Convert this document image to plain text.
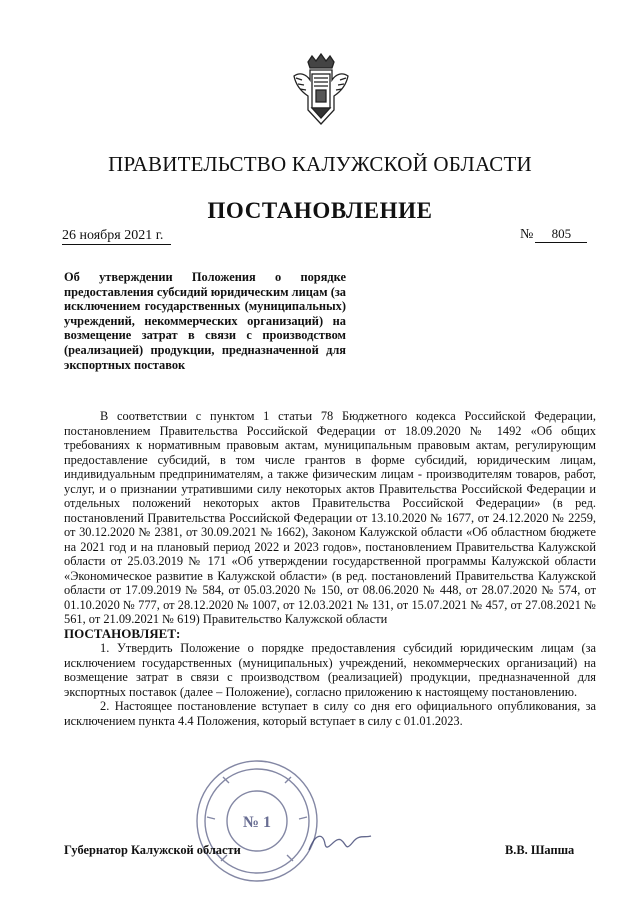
ПРАВИТЕЛЬСТВО КАЛУЖСКОЙ ОБЛАСТИ
ПОСТАНОВЛЕНИЕ
26 ноября 2021 г.	№ 805
Об утверждении Положения о порядке предоставления субсидий юридическим лицам (за исключением государственных (муниципальных) учреждений, некоммерческих организаций) на возмещение затрат в связи с производством (реализацией) продукции, предназначенной для экспортных поставок

В соответствии с пунктом 1 статьи 78 Бюджетного кодекса Российской Федерации, постановлением Правительства Российской Федерации от 18.09.2020 № 1492 «Об общих требованиях к нормативным правовым актам, муниципальным правовым актам, регулирующим предоставление субсидий, в том числе грантов в форме субсидий, юридическим лицам, индивидуальным предпринимателям, а также физическим лицам - производителям товаров, работ, услуг, и о признании утратившими силу некоторых актов Правительства Российской Федерации и отдельных положений некоторых актов Правительства Российской Федерации» (в ред. постановлений Правительства Российской Федерации от 13.10.2020 № 1677, от 24.12.2020 № 2259, от 30.12.2020 № 2381, от 30.09.2021 № 1662), Законом Калужской области «Об областном бюджете на 2021 год и на плановый период 2022 и 2023 годов», постановлением Правительства Калужской области от 25.03.2019 № 171 «Об утверждении государственной программы Калужской области «Экономическое развитие в Калужской области» (в ред. постановлений Правительства Калужской области от 17.09.2019 № 584, от 05.03.2020 № 150, от 08.06.2020 № 448, от 28.07.2020 № 574, от 01.10.2020 № 777, от 28.12.2020 № 1007, от 12.03.2021 № 131, от 15.07.2021 № 457, от 27.08.2021 № 561, от 21.09.2021 № 619) Правительство Калужской области

ПОСТАНОВЛЯЕТ:

1. Утвердить Положение о порядке предоставления субсидий юридическим лицам (за исключением государственных (муниципальных) учреждений, некоммерческих организаций) на возмещение затрат в связи с производством (реализацией) продукции, предназначенной для экспортных поставок (далее – Положение), согласно приложению к настоящему постановлению.

2. Настоящее постановление вступает в силу со дня его официального опубликования, за исключением пункта 4.4 Положения, который вступает в силу с 01.01.2023.

№ 1
Губернатор Калужской области	В.В. Шапша
